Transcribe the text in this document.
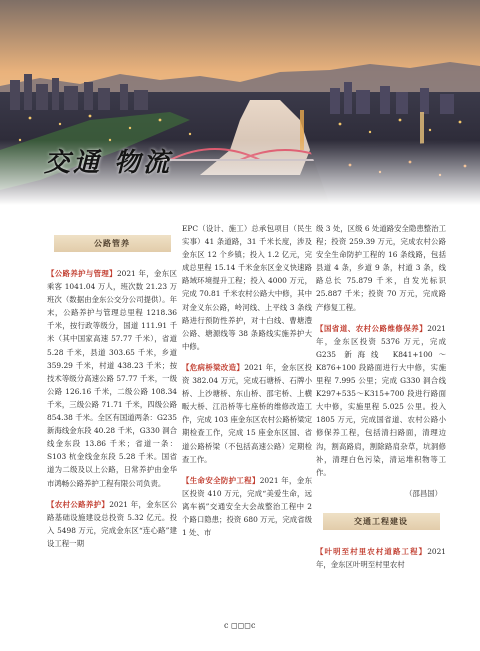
交通 物流
公路管养

【公路养护与管理】2021 年，金东区乘客 1041.04 万人，班次数 21.23 万班次（数据由金东公交分公司提供）。年末，公路养护与管理总里程 1218.36 千米，按行政等级分，国道 111.91 千米（其中国家高速 57.77 千米），省道 5.28 千米，县道 303.65 千米，乡道 359.29 千米，村道 438.23 千米；按技术等级分高速公路 57.77 千米，一级公路 126.16 千米，二级公路 108.34 千米，三级公路 71.71 千米，四级公路 854.38 千米。全区有国道两条：G235 新海线金东段 40.28 千米，G330 洞合线金东段 13.86 千米；省道一条：S103 杭金线金东段 5.28 千米。国省道为二级及以上公路，日常养护由金华市鸿畅公路养护工程有限公司负责。

【农村公路养护】2021 年，金东区公路基础设施建设总投资 5.32 亿元。投入 5498 万元，完成金东区“连心路”建设工程一期

EPC（设计、施工）总承包项目（民生实事）41 条道路，31 千米长度，涉及金东区 12 个乡镇；投入 1.2 亿元，完成总里程 15.14 千米金东区金义快速路路域环境提升工程；投入 4000 万元，完成 70.81 千米农村公路大中修，其中对金义东公路，岭河线、上平线 3 条线路进行预防性养护，对十白线、曹塘澧公路、塘源线等 38 条路线实施养护大中修。

【危病桥梁改造】2021 年，金东区投资 382.04 万元，完成石塘桥、石牌小桥、上沙塘桥、东山桥、邵宅桥、上横畈大桥、江沿桥等七座桥的维修改造工作，完成 103 座金东区农村公路桥梁定期检查工作，完成 15 座金东区国、省道公路桥梁（不包括高速公路）定期检查工作。

【生命安全防护工程】2021 年，金东区投资 410 万元，完成“美爱生命，远离车祸”交通安全大会战整治工程中 2 个路口隐患；投资 680 万元，完成省级 1 处、市

级 3 处，区级 6 处道路安全隐患整治工程；投资 259.39 万元，完成农村公路安全生命防护工程的 16 条线路，包括县道 4 条，乡道 9 条，村道 3 条，线路总长 75.879 千米，自发光标识 25.887 千米；投资 70 万元，完成路产修复工程。

【国省道、农村公路维修保养】2021 年，金东区投资 5376 万元，完成 G235 新海线 K841+100～K876+100 段路面进行大中修，实施里程 7.995 公里；完成 G330 洞合线 K297+535～K315+700 段进行路面大中修，实施里程 5.025 公里。投入 1805 万元，完成国省道、农村公路小修保养工程，包括清扫路面，清理边沟，割高路肩，割除路肩杂草，坑洞修补，清理白色污染，清运堆积物等工作。

（邵昌国）
交通工程建设

【叶明至村里农村道路工程】2021 年，金东区叶明至村里农村

c ◻◻◻c
